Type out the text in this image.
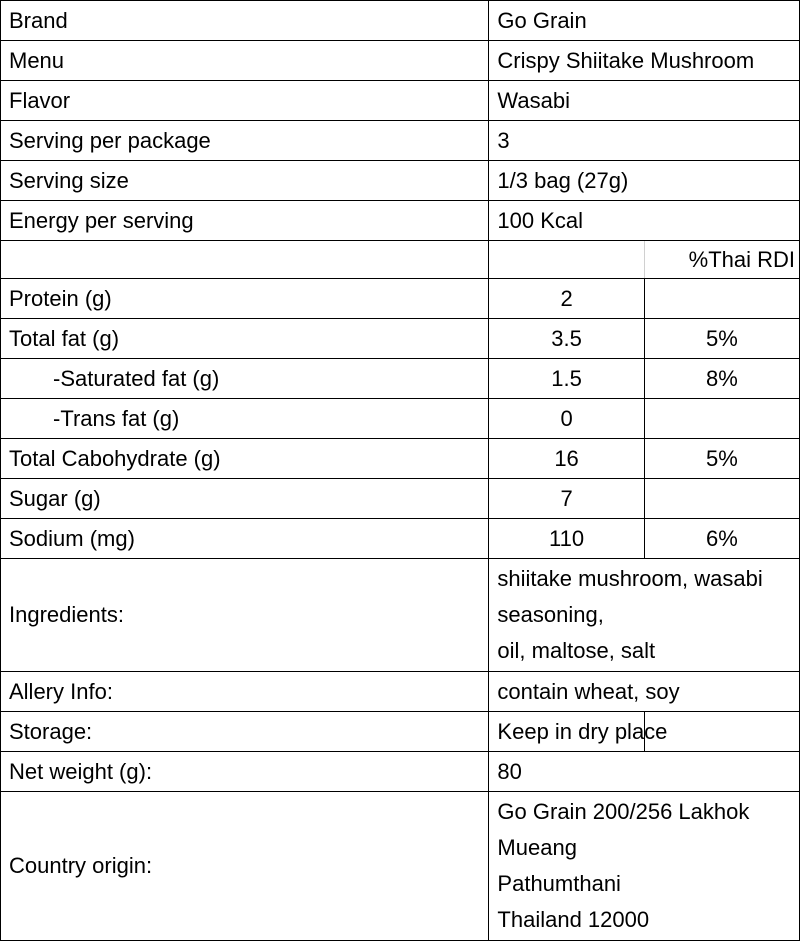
Brand	Go Grain	
Menu	Crispy Shiitake Mushroom	
Flavor	Wasabi	
Serving per package	3	
Serving size	1/3 bag (27g)	
Energy per serving	100 Kcal	
		%Thai RDI
Protein (g)	2	
Total fat (g)	3.5	5%
-Saturated fat (g)	1.5	8%
-Trans fat (g)	0	
Total Cabohydrate (g)	16	5%
Sugar (g)	7	
Sodium (mg)	110	6%
Ingredients:	shiitake mushroom, wasabi seasoning,
oil, maltose, salt	

Allery Info:	contain wheat, soy	
Storage:	Keep in dry place	
Net weight (g):	80	
Country origin:	Go Grain 200/256 Lakhok Mueang
Pathumthani
Thailand 12000	
